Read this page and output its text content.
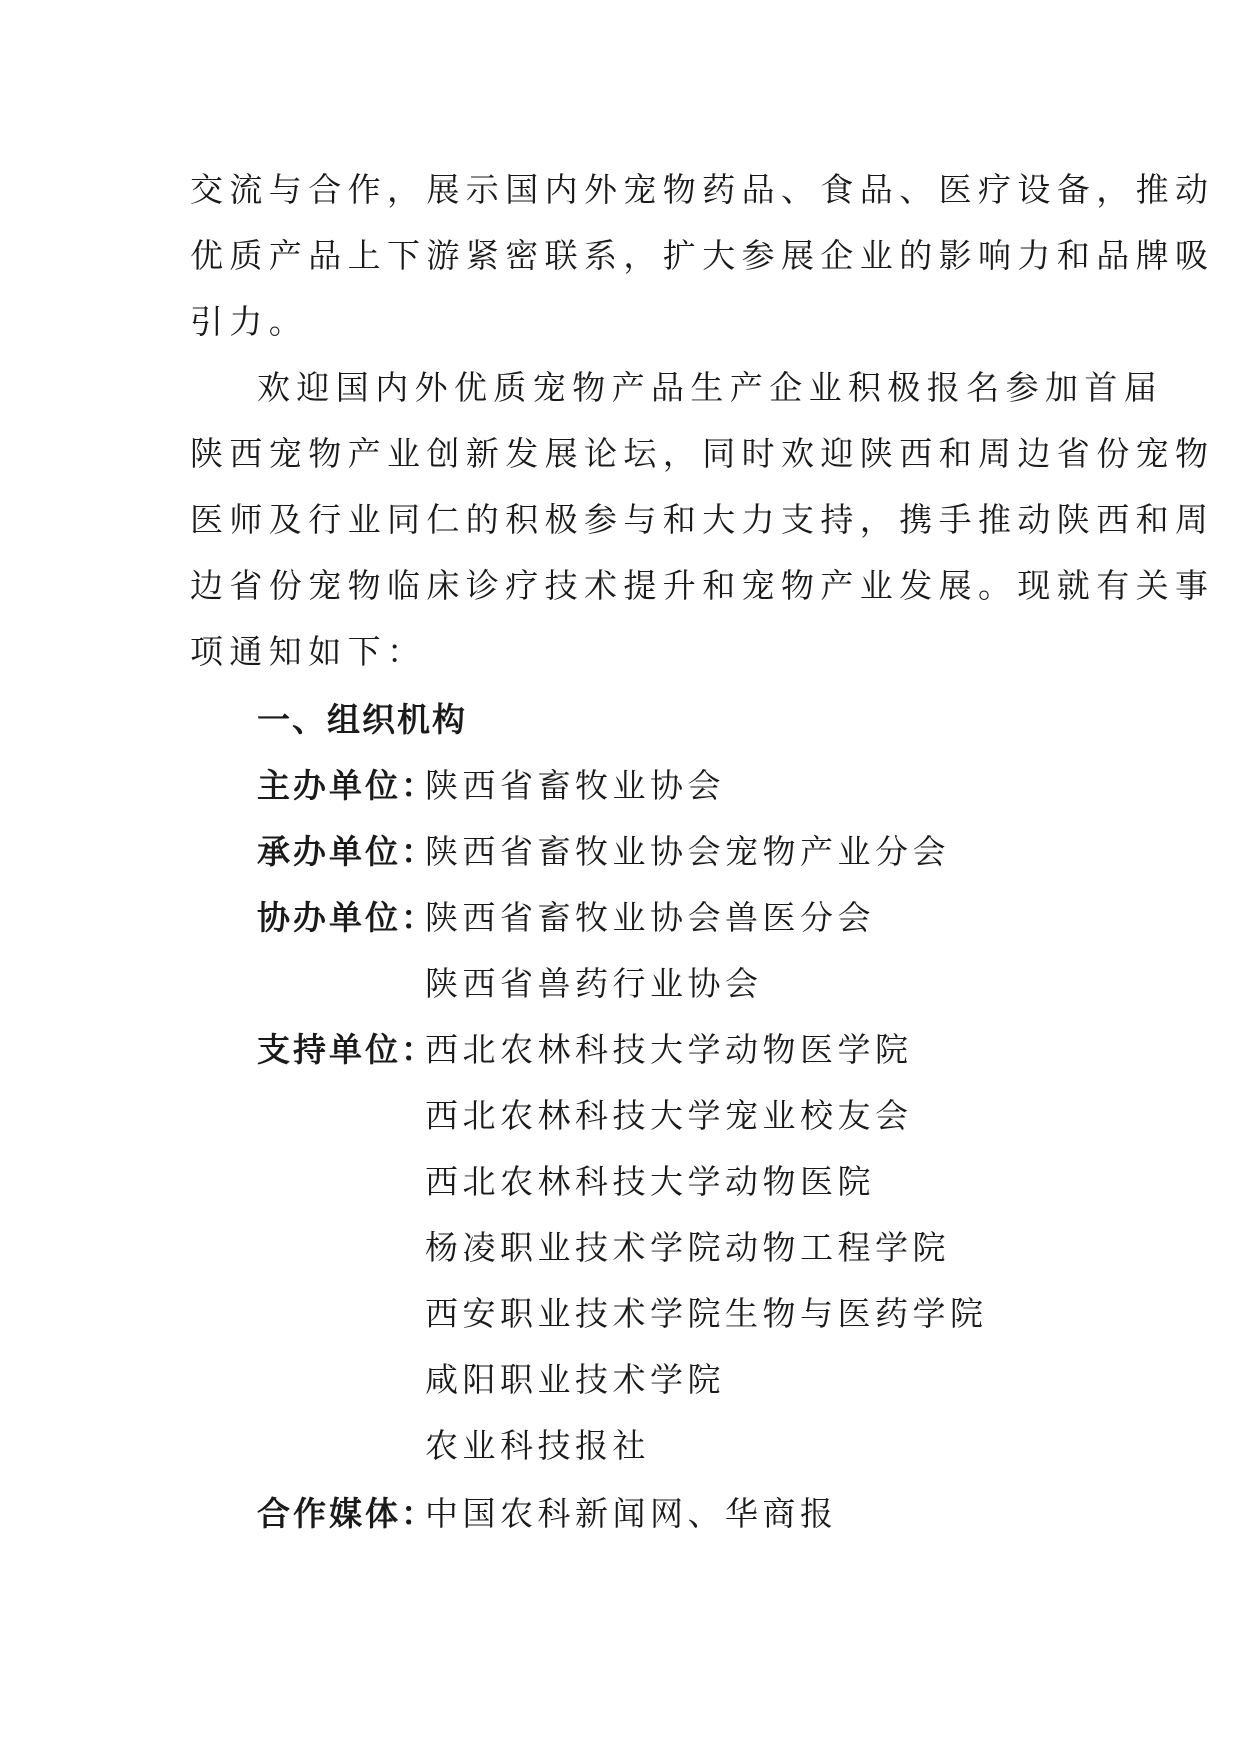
交流与合作，展示国内外宠物药品、食品、医疗设备，推动
优质产品上下游紧密联系，扩大参展企业的影响力和品牌吸
引力。
欢迎国内外优质宠物产品生产企业积极报名参加首届
陕西宠物产业创新发展论坛，同时欢迎陕西和周边省份宠物
医师及行业同仁的积极参与和大力支持，携手推动陕西和周
边省份宠物临床诊疗技术提升和宠物产业发展。现就有关事
项通知如下：
一、组织机构
主办单位：陕西省畜牧业协会
承办单位：陕西省畜牧业协会宠物产业分会
协办单位：陕西省畜牧业协会兽医分会
陕西省兽药行业协会
支持单位：西北农林科技大学动物医学院
西北农林科技大学宠业校友会
西北农林科技大学动物医院
杨凌职业技术学院动物工程学院
西安职业技术学院生物与医药学院
咸阳职业技术学院
农业科技报社
合作媒体：中国农科新闻网、华商报
